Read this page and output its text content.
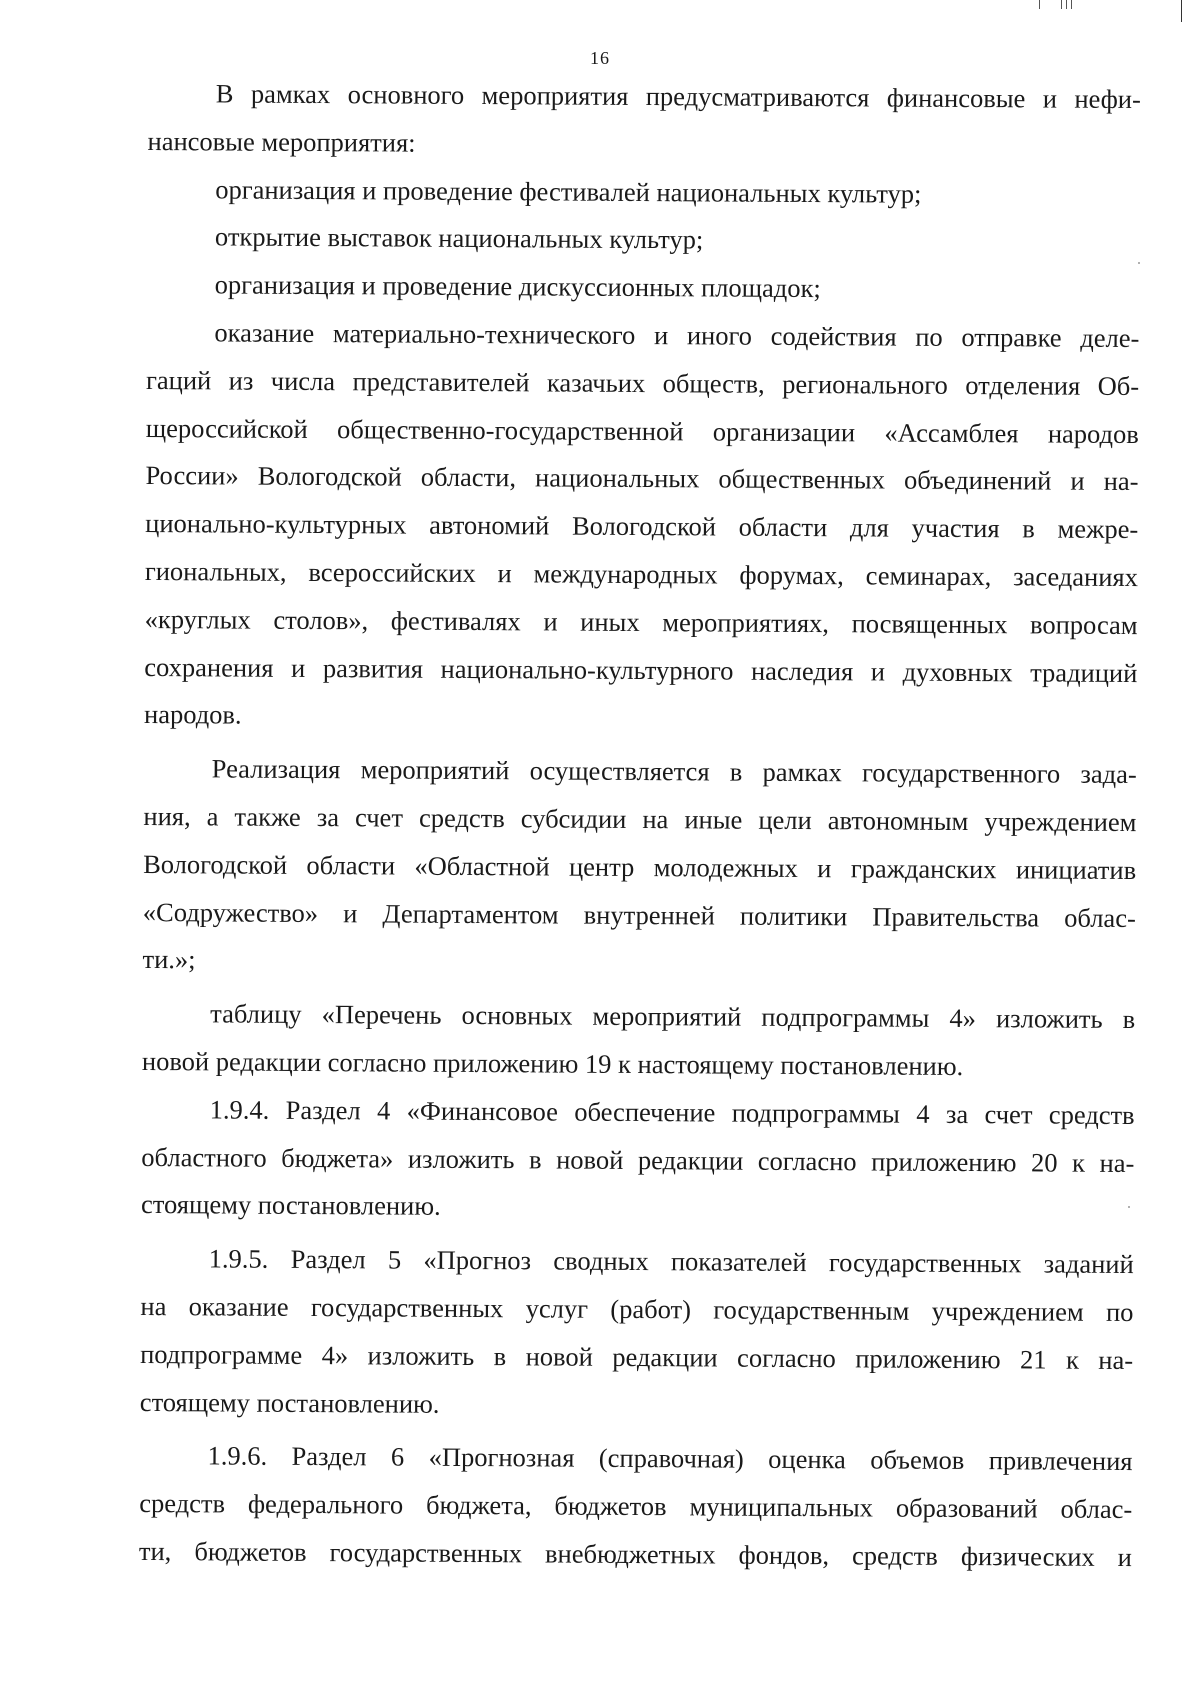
16
В рамках основного мероприятия предусматриваются финансовые и нефи-
нансовые мероприятия:
организация и проведение фестивалей национальных культур;
открытие выставок национальных культур;
организация и проведение дискуссионных площадок;
оказание материально-технического и иного содействия по отправке деле-
гаций из числа представителей казачьих обществ, регионального отделения Об-
щероссийской общественно-государственной организации «Ассамблея народов
России» Вологодской области, национальных общественных объединений и на-
ционально-культурных автономий Вологодской области для участия в межре-
гиональных, всероссийских и международных форумах, семинарах, заседаниях
«круглых столов», фестивалях и иных мероприятиях, посвященных вопросам
сохранения и развития национально-культурного наследия и духовных традиций
народов.
Реализация мероприятий осуществляется в рамках государственного зада-
ния, а также за счет средств субсидии на иные цели автономным учреждением
Вологодской области «Областной центр молодежных и гражданских инициатив
«Содружество» и Департаментом внутренней политики Правительства облас-
ти.»;
таблицу «Перечень основных мероприятий подпрограммы 4» изложить в
новой редакции согласно приложению 19 к настоящему постановлению.
1.9.4. Раздел 4 «Финансовое обеспечение подпрограммы 4 за счет средств
областного бюджета» изложить в новой редакции согласно приложению 20 к на-
стоящему постановлению.
1.9.5. Раздел 5 «Прогноз сводных показателей государственных заданий
на оказание государственных услуг (работ) государственным учреждением по
подпрограмме 4» изложить в новой редакции согласно приложению 21 к на-
стоящему постановлению.
1.9.6. Раздел 6 «Прогнозная (справочная) оценка объемов привлечения
средств федерального бюджета, бюджетов муниципальных образований облас-
ти, бюджетов государственных внебюджетных фондов, средств физических и
